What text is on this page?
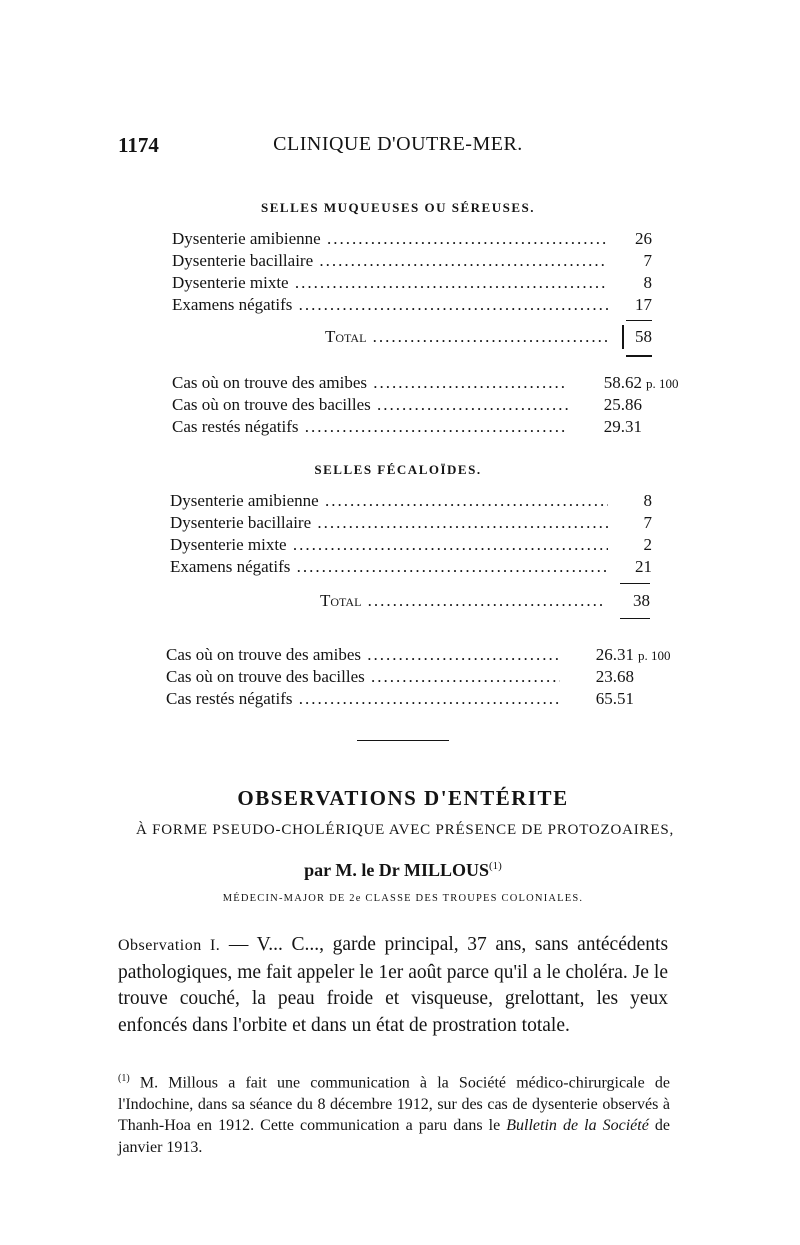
1174	CLINIQUE D'OUTRE-MER.
SELLES MUQUEUSES OU SÉREUSES.
Dysenterie amibienne .....	26
Dysenterie bacillaire .....	7
Dysenterie mixte .....	8
Examens négatifs .....	17
Total .....	58
Cas où on trouve des amibes .....	58.62 p. 100
Cas où on trouve des bacilles .....	25.86
Cas restés négatifs .....	29.31
SELLES FÉCALOÏDES.
Dysenterie amibienne .....	8
Dysenterie bacillaire .....	7
Dysenterie mixte .....	2
Examens négatifs .....	21
Total .....	38
Cas où on trouve des amibes .....	26.31 p. 100
Cas où on trouve des bacilles .....	23.68
Cas restés négatifs .....	65.51
OBSERVATIONS D'ENTÉRITE
À FORME PSEUDO-CHOLÉRIQUE AVEC PRÉSENCE DE PROTOZOAIRES,
par M. le Dr MILLOUS$^{(1)}$
MÉDECIN-MAJOR DE 2e CLASSE DES TROUPES COLONIALES.
Observation I. — V... C..., garde principal, 37 ans, sans antécédents pathologiques, me fait appeler le 1er août parce qu'il a le choléra. Je le trouve couché, la peau froide et visqueuse, grelottant, les yeux enfoncés dans l'orbite et dans un état de prostration totale.
$^{(1)}$ M. Millous a fait une communication à la Société médico-chirurgicale de l'Indochine, dans sa séance du 8 décembre 1912, sur des cas de dysenterie observés à Thanh-Hoa en 1912. Cette communication a paru dans le Bulletin de la Société de janvier 1913.
